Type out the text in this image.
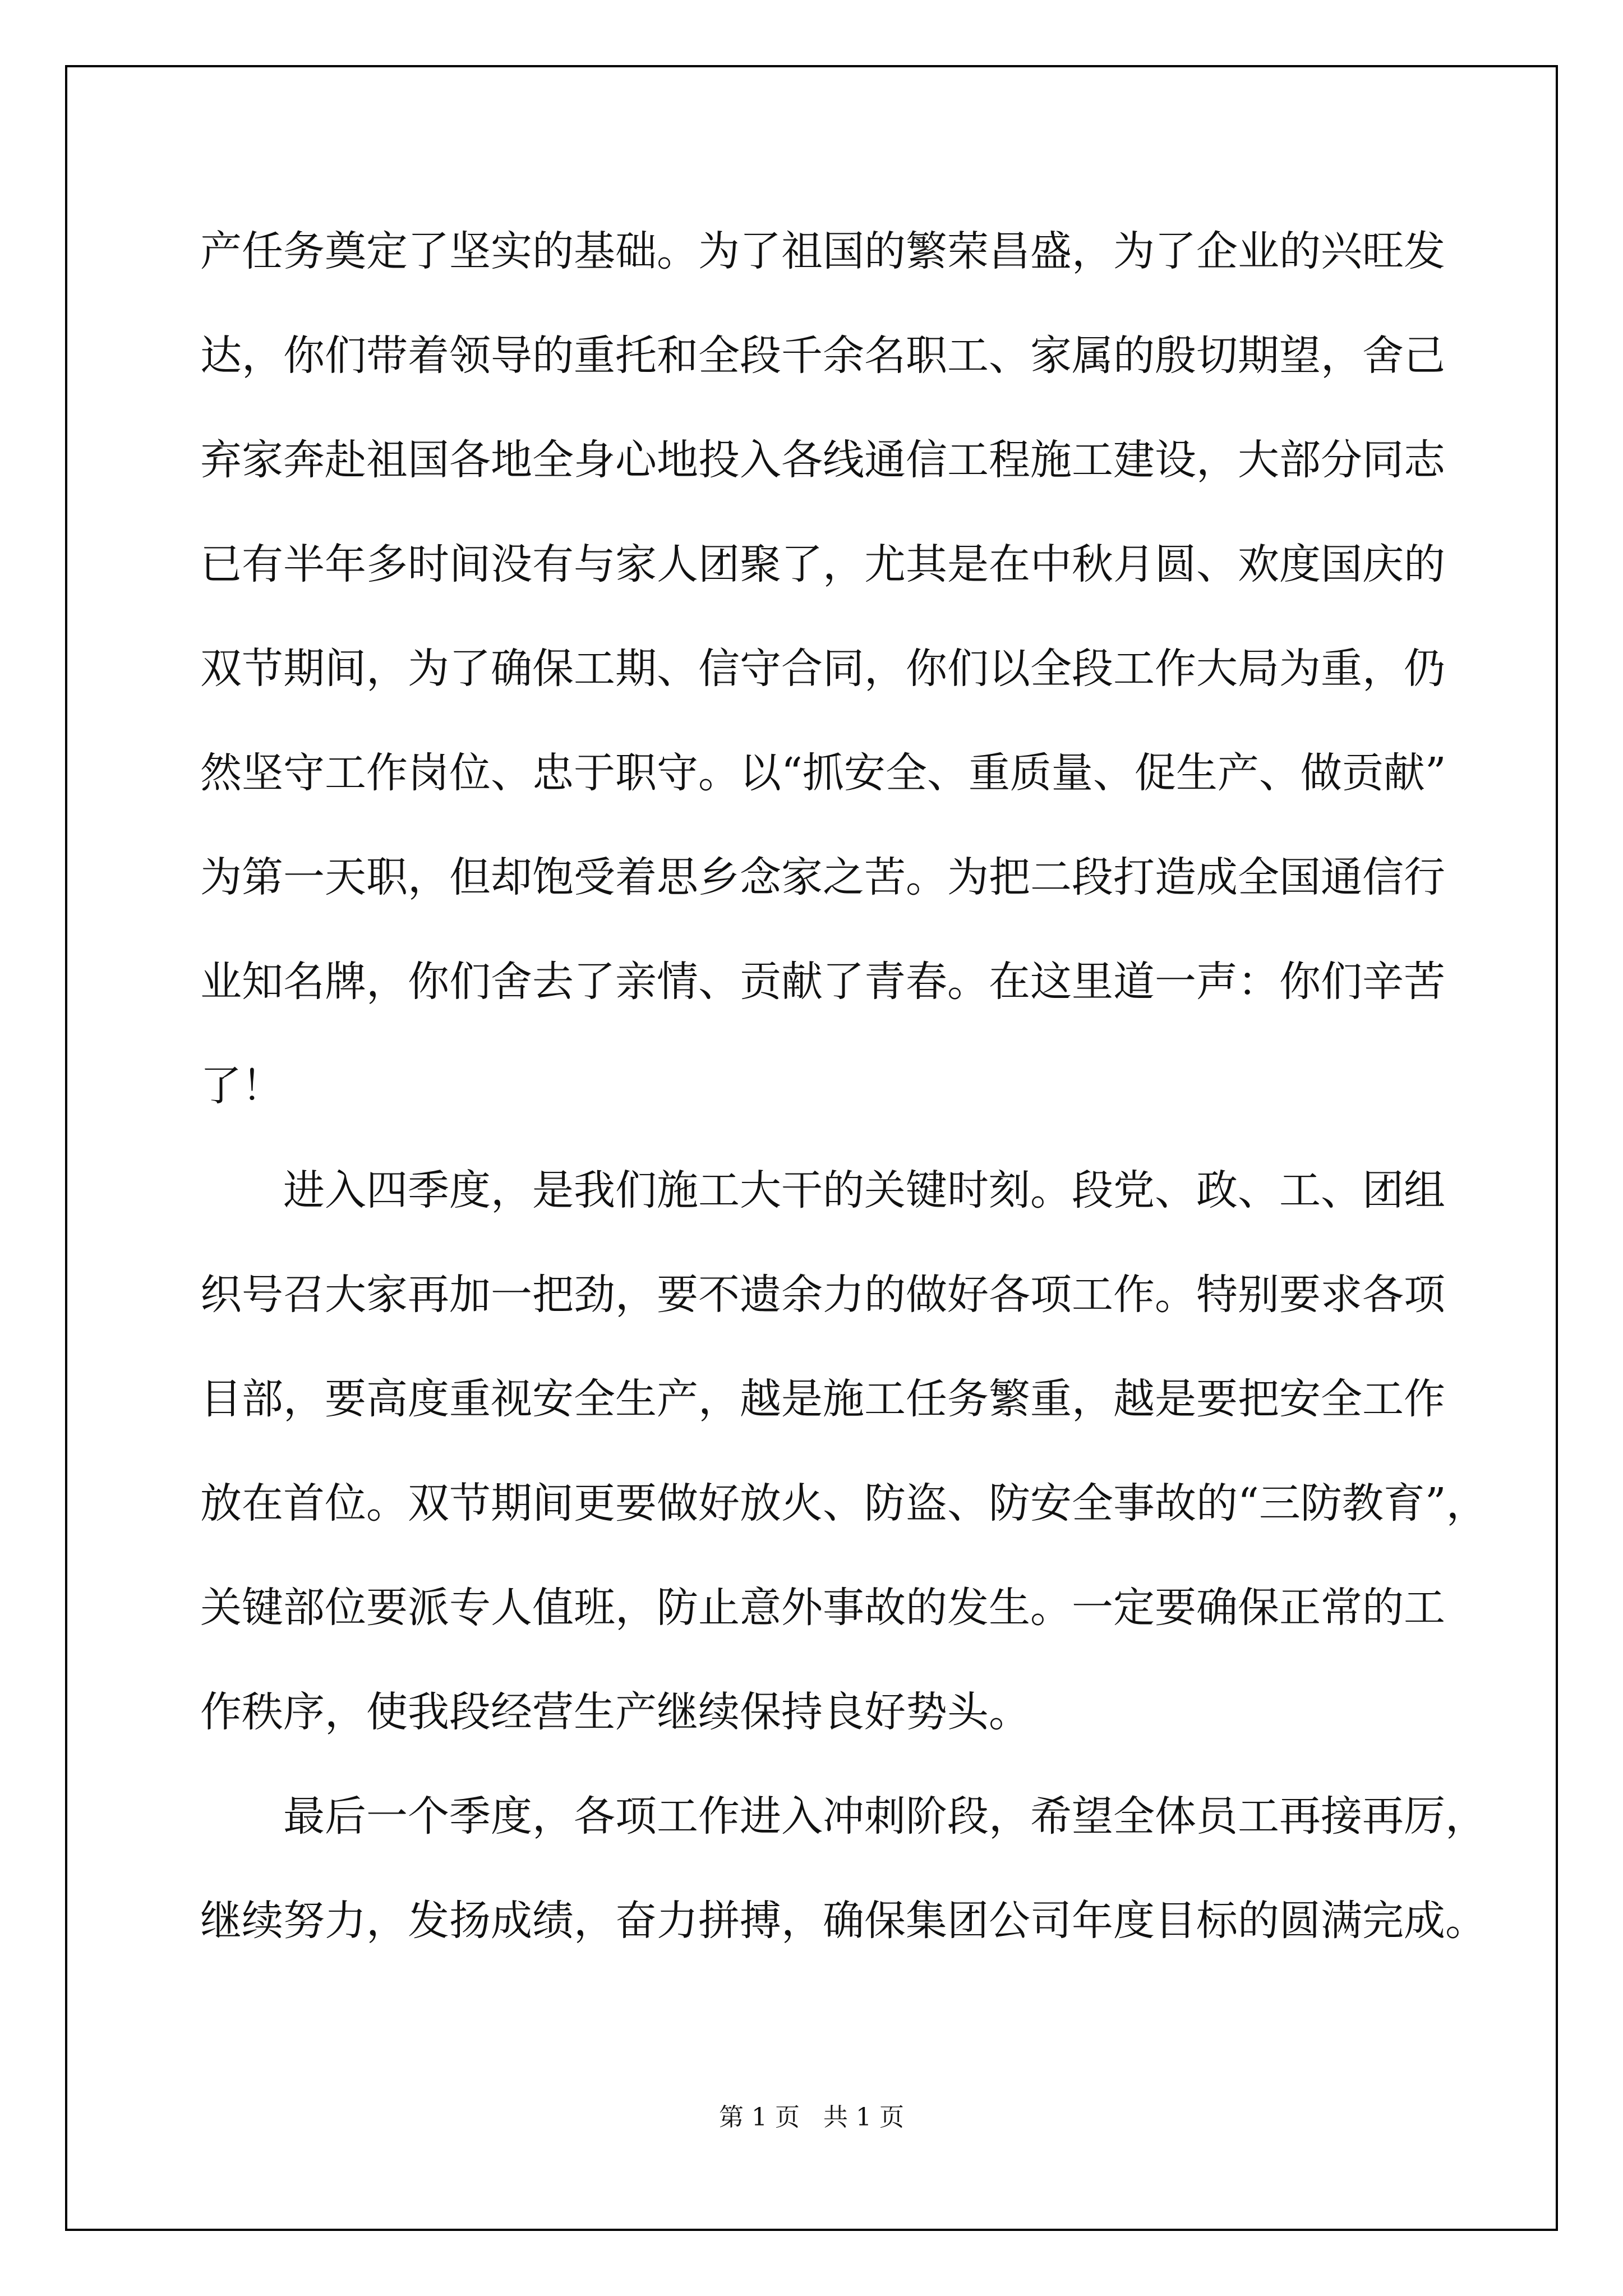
产任务奠定了坚实的基础。为了祖国的繁荣昌盛，为了企业的兴旺发
达，你们带着领导的重托和全段千余名职工、家属的殷切期望，舍己
弃家奔赴祖国各地全身心地投入各线通信工程施工建设，大部分同志
已有半年多时间没有与家人团聚了，尤其是在中秋月圆、欢度国庆的
双节期间，为了确保工期、信守合同，你们以全段工作大局为重，仍
然坚守工作岗位、忠于职守。以“抓安全、重质量、促生产、做贡献”
为第一天职，但却饱受着思乡念家之苦。为把二段打造成全国通信行
业知名牌，你们舍去了亲情、贡献了青春。在这里道一声：你们辛苦
了！
进入四季度，是我们施工大干的关键时刻。段党、政、工、团组
织号召大家再加一把劲，要不遗余力的做好各项工作。特别要求各项
目部，要高度重视安全生产，越是施工任务繁重，越是要把安全工作
放在首位。双节期间更要做好放火、防盗、防安全事故的“三防教育”，
关键部位要派专人值班，防止意外事故的发生。一定要确保正常的工
作秩序，使我段经营生产继续保持良好势头。
最后一个季度，各项工作进入冲刺阶段，希望全体员工再接再厉，
继续努力，发扬成绩，奋力拼搏，确保集团公司年度目标的圆满完成。
第 1 页   共 1 页
